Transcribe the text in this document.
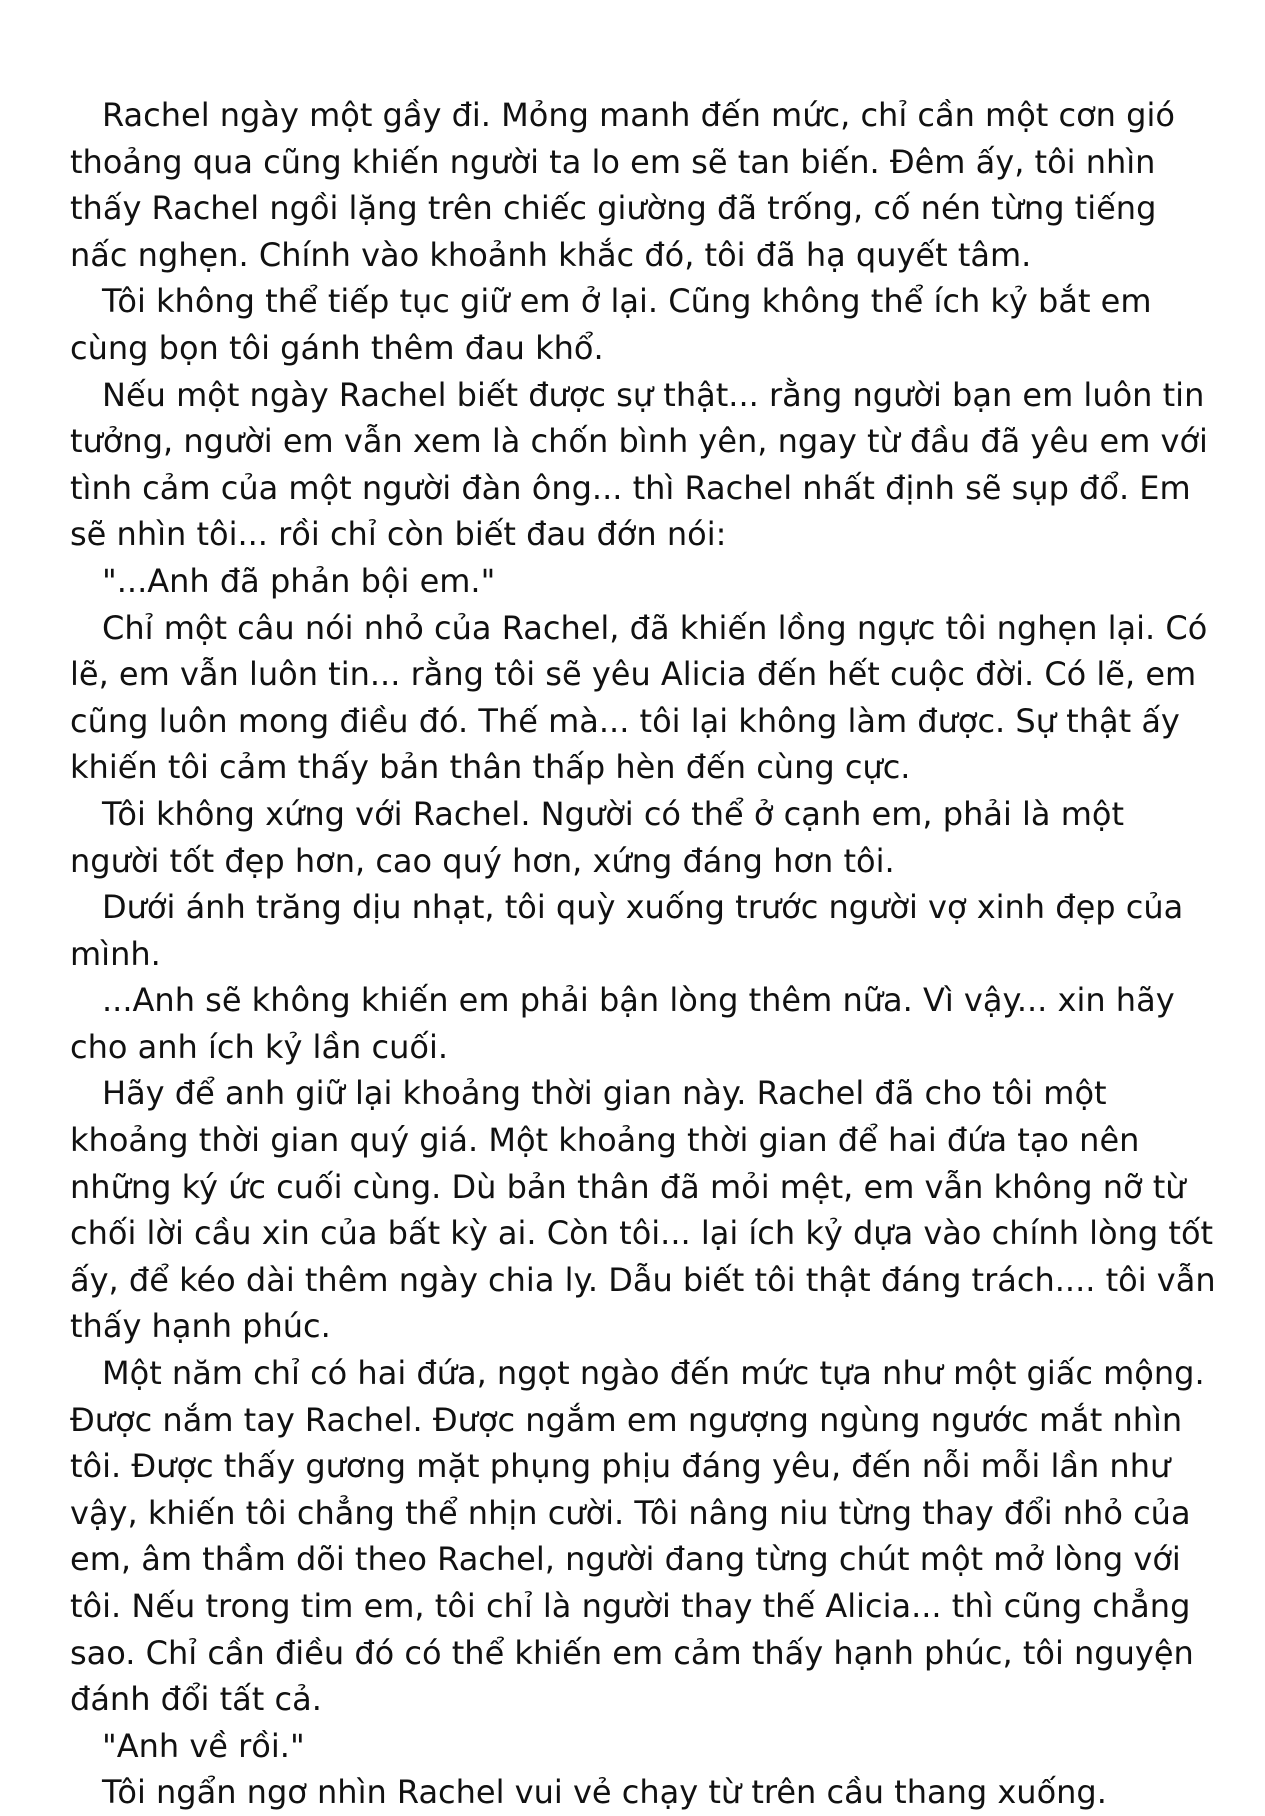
Rachel ngày một gầy đi. Mỏng manh đến mức, chỉ cần một cơn gió thoảng qua cũng khiến người ta lo em sẽ tan biến. Đêm ấy, tôi nhìn thấy Rachel ngồi lặng trên chiếc giường đã trống, cố nén từng tiếng nấc nghẹn. Chính vào khoảnh khắc đó, tôi đã hạ quyết tâm.

Tôi không thể tiếp tục giữ em ở lại. Cũng không thể ích kỷ bắt em cùng bọn tôi gánh thêm đau khổ.

Nếu một ngày Rachel biết được sự thật... rằng người bạn em luôn tin tưởng, người em vẫn xem là chốn bình yên, ngay từ đầu đã yêu em với tình cảm của một người đàn ông... thì Rachel nhất định sẽ sụp đổ. Em sẽ nhìn tôi... rồi chỉ còn biết đau đớn nói:

"...Anh đã phản bội em."

Chỉ một câu nói nhỏ của Rachel, đã khiến lồng ngực tôi nghẹn lại. Có lẽ, em vẫn luôn tin... rằng tôi sẽ yêu Alicia đến hết cuộc đời. Có lẽ, em cũng luôn mong điều đó. Thế mà... tôi lại không làm được. Sự thật ấy khiến tôi cảm thấy bản thân thấp hèn đến cùng cực.

Tôi không xứng với Rachel. Người có thể ở cạnh em, phải là một người tốt đẹp hơn, cao quý hơn, xứng đáng hơn tôi.

Dưới ánh trăng dịu nhạt, tôi quỳ xuống trước người vợ xinh đẹp của mình.

...Anh sẽ không khiến em phải bận lòng thêm nữa. Vì vậy... xin hãy cho anh ích kỷ lần cuối.

Hãy để anh giữ lại khoảng thời gian này. Rachel đã cho tôi một khoảng thời gian quý giá. Một khoảng thời gian để hai đứa tạo nên những ký ức cuối cùng. Dù bản thân đã mỏi mệt, em vẫn không nỡ từ chối lời cầu xin của bất kỳ ai. Còn tôi... lại ích kỷ dựa vào chính lòng tốt ấy, để kéo dài thêm ngày chia ly. Dẫu biết tôi thật đáng trách.... tôi vẫn thấy hạnh phúc.

Một năm chỉ có hai đứa, ngọt ngào đến mức tựa như một giấc mộng. Được nắm tay Rachel. Được ngắm em ngượng ngùng ngước mắt nhìn tôi. Được thấy gương mặt phụng phịu đáng yêu, đến nỗi mỗi lần như vậy, khiến tôi chẳng thể nhịn cười. Tôi nâng niu từng thay đổi nhỏ của em, âm thầm dõi theo Rachel, người đang từng chút một mở lòng với tôi. Nếu trong tim em, tôi chỉ là người thay thế Alicia... thì cũng chẳng sao. Chỉ cần điều đó có thể khiến em cảm thấy hạnh phúc, tôi nguyện đánh đổi tất cả.

"Anh về rồi."

Tôi ngẩn ngơ nhìn Rachel vui vẻ chạy từ trên cầu thang xuống.
